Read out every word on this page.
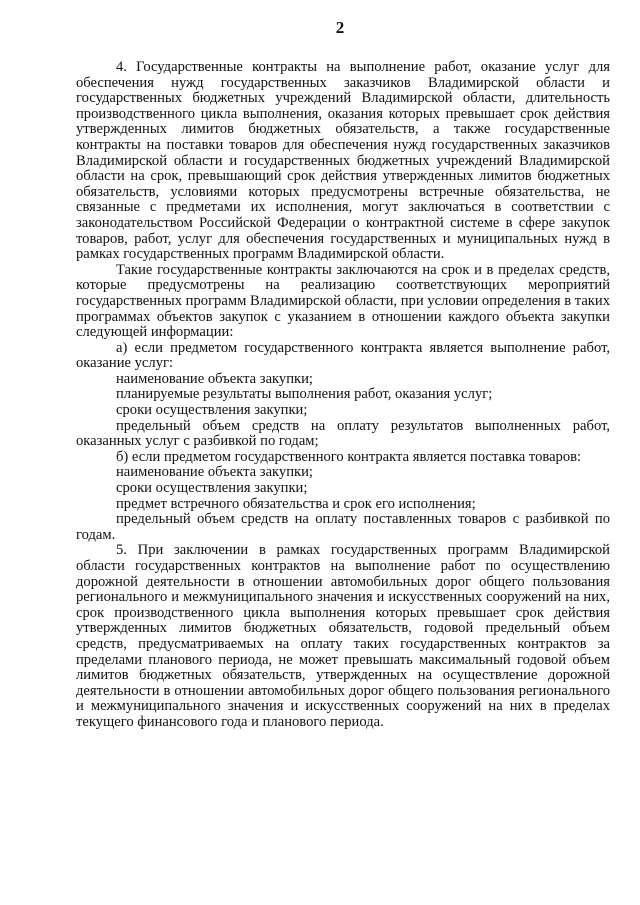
2

4. Государственные контракты на выполнение работ, оказание услуг для обеспечения нужд государственных заказчиков Владимирской области и государственных бюджетных учреждений Владимирской области, длительность производственного цикла выполнения, оказания которых превышает срок действия утвержденных лимитов бюджетных обязательств, а также государственные контракты на поставки товаров для обеспечения нужд государственных заказчиков Владимирской области и государственных бюджетных учреждений Владимирской области на срок, превышающий срок действия утвержденных лимитов бюджетных обязательств, условиями которых предусмотрены встречные обязательства, не связанные с предметами их исполнения, могут заключаться в соответствии с законодательством Российской Федерации о контрактной системе в сфере закупок товаров, работ, услуг для обеспечения государственных и муниципальных нужд в рамках государственных программ Владимирской области.

Такие государственные контракты заключаются на срок и в пределах средств, которые предусмотрены на реализацию соответствующих мероприятий государственных программ Владимирской области, при условии определения в таких программах объектов закупок с указанием в отношении каждого объекта закупки следующей информации:

а) если предметом государственного контракта является выполнение работ, оказание услуг:

наименование объекта закупки;

планируемые результаты выполнения работ, оказания услуг;

сроки осуществления закупки;

предельный объем средств на оплату результатов выполненных работ, оказанных услуг с разбивкой по годам;

б) если предметом государственного контракта является поставка товаров:

наименование объекта закупки;

сроки осуществления закупки;

предмет встречного обязательства и срок его исполнения;

предельный объем средств на оплату поставленных товаров с разбивкой по годам.

5. При заключении в рамках государственных программ Владимирской области государственных контрактов на выполнение работ по осуществлению дорожной деятельности в отношении автомобильных дорог общего пользования регионального и межмуниципального значения и искусственных сооружений на них, срок производственного цикла выполнения которых превышает срок действия утвержденных лимитов бюджетных обязательств, годовой предельный объем средств, предусматриваемых на оплату таких государственных контрактов за пределами планового периода, не может превышать максимальный годовой объем лимитов бюджетных обязательств, утвержденных на осуществление дорожной деятельности в отношении автомобильных дорог общего пользования регионального и межмуниципального значения и искусственных сооружений на них в пределах текущего финансового года и планового периода.
